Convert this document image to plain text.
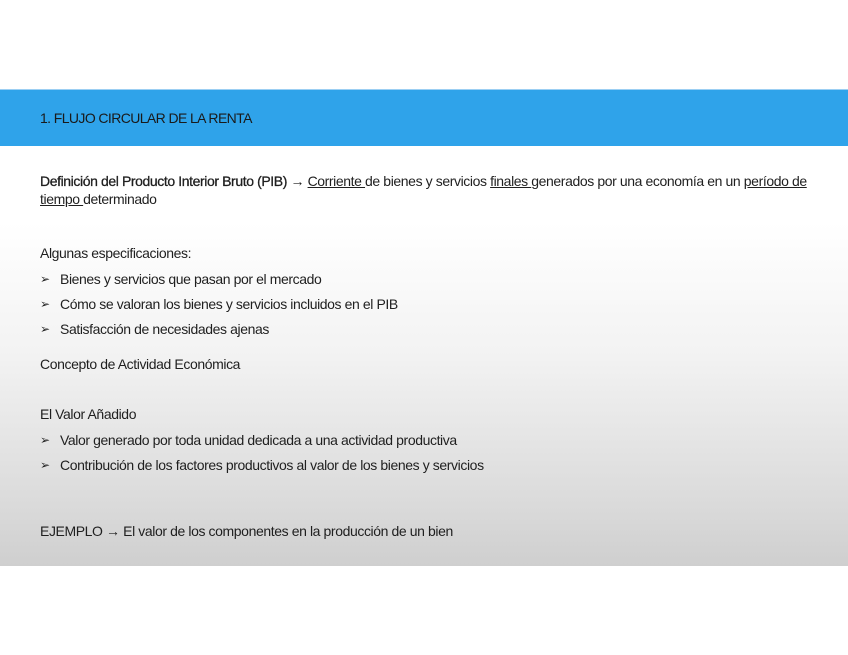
1. FLUJO CIRCULAR DE LA RENTA

Definición del Producto Interior Bruto (PIB) → Corriente de bienes y servicios finales generados por una economía en un período de tiempo determinado

Algunas especificaciones:
➢ Bienes y servicios que pasan por el mercado
➢ Cómo se valoran los bienes y servicios incluidos en el PIB
➢ Satisfacción de necesidades ajenas
Concepto de Actividad Económica
El Valor Añadido
➢ Valor generado por toda unidad dedicada a una actividad productiva
➢ Contribución de los factores productivos al valor de los bienes y servicios
EJEMPLO → El valor de los componentes en la producción de un bien
